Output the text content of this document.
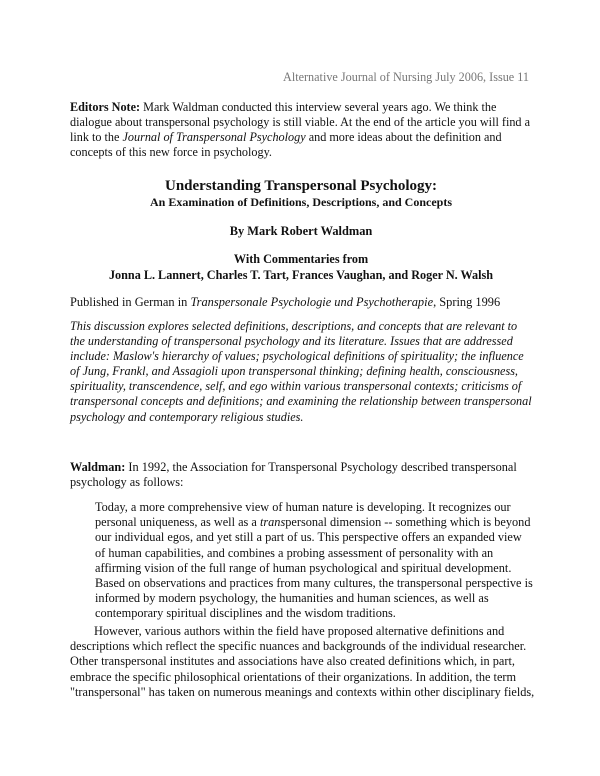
Alternative Journal of Nursing July 2006, Issue 11

Editors Note: Mark Waldman conducted this interview several years ago. We think the dialogue about transpersonal psychology is still viable. At the end of the article you will find a link to the Journal of Transpersonal Psychology and more ideas about the definition and concepts of this new force in psychology.

Understanding Transpersonal Psychology:
An Examination of Definitions, Descriptions, and Concepts
By Mark Robert Waldman
With Commentaries from
Jonna L. Lannert, Charles T. Tart, Frances Vaughan, and Roger N. Walsh

Published in German in Transpersonale Psychologie und Psychotherapie, Spring 1996

This discussion explores selected definitions, descriptions, and concepts that are relevant to the understanding of transpersonal psychology and its literature. Issues that are addressed include: Maslow's hierarchy of values; psychological definitions of spirituality; the influence of Jung, Frankl, and Assagioli upon transpersonal thinking; defining health, consciousness, spirituality, transcendence, self, and ego within various transpersonal contexts; criticisms of transpersonal concepts and definitions; and examining the relationship between transpersonal psychology and contemporary religious studies.

Waldman: In 1992, the Association for Transpersonal Psychology described transpersonal psychology as follows:

Today, a more comprehensive view of human nature is developing. It recognizes our personal uniqueness, as well as a transpersonal dimension -- something which is beyond our individual egos, and yet still a part of us. This perspective offers an expanded view of human capabilities, and combines a probing assessment of personality with an affirming vision of the full range of human psychological and spiritual development. Based on observations and practices from many cultures, the transpersonal perspective is informed by modern psychology, the humanities and human sciences, as well as contemporary spiritual disciplines and the wisdom traditions.

However, various authors within the field have proposed alternative definitions and descriptions which reflect the specific nuances and backgrounds of the individual researcher. Other transpersonal institutes and associations have also created definitions which, in part, embrace the specific philosophical orientations of their organizations. In addition, the term "transpersonal" has taken on numerous meanings and contexts within other disciplinary fields,
